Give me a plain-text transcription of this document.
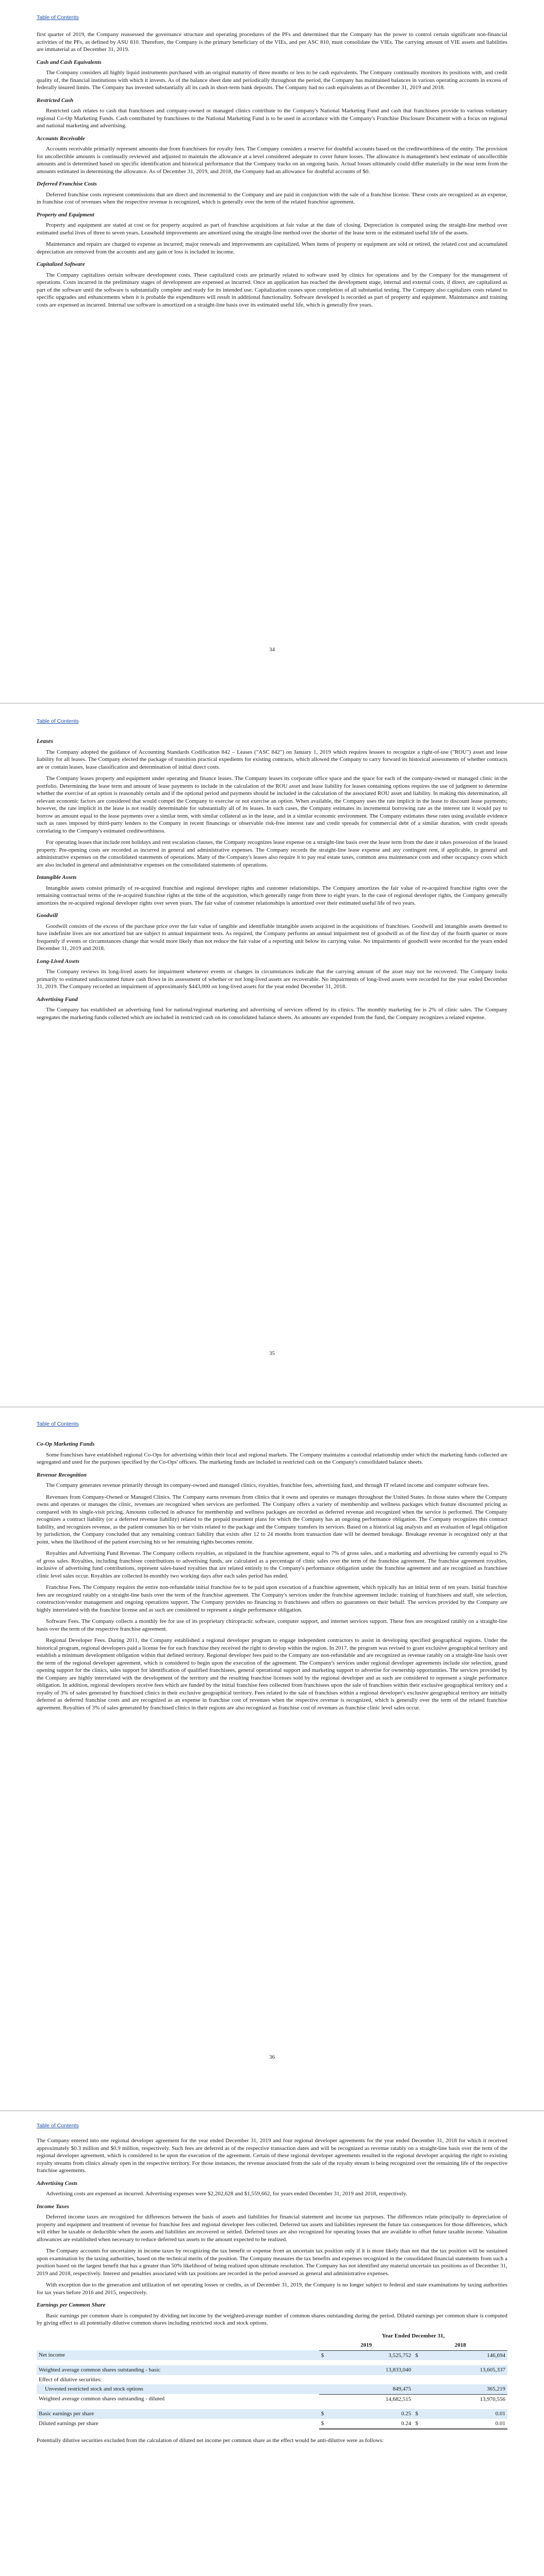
Table of Contents

first quarter of 2019, the Company reassessed the governance structure and operating procedures of the PFs and determined that the Company has the power to control certain significant non-financial activities of the PFs, as defined by ASU 810. Therefore, the Company is the primary beneficiary of the VIEs, and per ASC 810, must consolidate the VIEs. The carrying amount of VIE assets and liabilities are immaterial as of December 31, 2019.

Cash and Cash Equivalents

The Company considers all highly liquid instruments purchased with an original maturity of three months or less to be cash equivalents. The Company continually monitors its positions with, and credit quality of, the financial institutions with which it invests. As of the balance sheet date and periodically throughout the period, the Company has maintained balances in various operating accounts in excess of federally insured limits. The Company has invested substantially all its cash in short-term bank deposits. The Company had no cash equivalents as of December 31, 2019 and 2018.

Restricted Cash

Restricted cash relates to cash that franchisees and company-owned or managed clinics contribute to the Company's National Marketing Fund and cash that franchisees provide to various voluntary regional Co-Op Marketing Funds. Cash contributed by franchisees to the National Marketing Fund is to be used in accordance with the Company's Franchise Disclosure Document with a focus on regional and national marketing and advertising.

Accounts Receivable

Accounts receivable primarily represent amounts due from franchisees for royalty fees. The Company considers a reserve for doubtful accounts based on the creditworthiness of the entity. The provision for uncollectible amounts is continually reviewed and adjusted to maintain the allowance at a level considered adequate to cover future losses. The allowance is management's best estimate of uncollectible amounts and is determined based on specific identification and historical performance that the Company tracks on an ongoing basis. Actual losses ultimately could differ materially in the near term from the amounts estimated in determining the allowance. As of December 31, 2019, and 2018, the Company had an allowance for doubtful accounts of $0.

Deferred Franchise Costs

Deferred franchise costs represent commissions that are direct and incremental to the Company and are paid in conjunction with the sale of a franchise license. These costs are recognized as an expense, in franchise cost of revenues when the respective revenue is recognized, which is generally over the term of the related franchise agreement.

Property and Equipment

Property and equipment are stated at cost or for property acquired as part of franchise acquisitions at fair value at the date of closing. Depreciation is computed using the straight-line method over estimated useful lives of three to seven years. Leasehold improvements are amortized using the straight-line method over the shorter of the lease term or the estimated useful life of the assets.

Maintenance and repairs are charged to expense as incurred; major renewals and improvements are capitalized. When items of property or equipment are sold or retired, the related cost and accumulated depreciation are removed from the accounts and any gain or loss is included in income.

Capitalized Software

The Company capitalizes certain software development costs. These capitalized costs are primarily related to software used by clinics for operations and by the Company for the management of operations. Costs incurred in the preliminary stages of development are expensed as incurred. Once an application has reached the development stage, internal and external costs, if direct, are capitalized as part of the software until the software is substantially complete and ready for its intended use. Capitalization ceases upon completion of all substantial testing. The Company also capitalizes costs related to specific upgrades and enhancements when it is probable the expenditures will result in additional functionality. Software developed is recorded as part of property and equipment. Maintenance and training costs are expensed as incurred. Internal use software is amortized on a straight-line basis over its estimated useful life, which is generally five years.

34
Table of Contents
Leases

The Company adopted the guidance of Accounting Standards Codification 842 – Leases ("ASC 842") on January 1, 2019 which requires lessees to recognize a right-of-use ("ROU") asset and lease liability for all leases. The Company elected the package of transition practical expedients for existing contracts, which allowed the Company to carry forward its historical assessments of whether contracts are or contain leases, lease classification and determination of initial direct costs.

The Company leases property and equipment under operating and finance leases. The Company leases its corporate office space and the space for each of the company-owned or managed clinic in the portfolio. Determining the lease term and amount of lease payments to include in the calculation of the ROU asset and lease liability for leases containing options requires the use of judgment to determine whether the exercise of an option is reasonably certain and if the optional period and payments should be included in the calculation of the associated ROU asset and liability. In making this determination, all relevant economic factors are considered that would compel the Company to exercise or not exercise an option. When available, the Company uses the rate implicit in the lease to discount lease payments; however, the rate implicit in the lease is not readily determinable for substantially all of its leases. In such cases, the Company estimates its incremental borrowing rate as the interest rate it would pay to borrow an amount equal to the lease payments over a similar term, with similar collateral as in the lease, and in a similar economic environment. The Company estimates these rates using available evidence such as rates imposed by third-party lenders to the Company in recent financings or observable risk-free interest rate and credit spreads for commercial debt of a similar duration, with credit spreads correlating to the Company's estimated creditworthiness.

For operating leases that include rent holidays and rent escalation clauses, the Company recognizes lease expense on a straight-line basis over the lease term from the date it takes possession of the leased property. Pre-opening costs are recorded as incurred in general and administrative expenses. The Company records the straight-line lease expense and any contingent rent, if applicable, in general and administrative expenses on the consolidated statements of operations. Many of the Company's leases also require it to pay real estate taxes, common area maintenance costs and other occupancy costs which are also included in general and administrative expenses on the consolidated statements of operations.

Intangible Assets

Intangible assets consist primarily of re-acquired franchise and regional developer rights and customer relationships. The Company amortizes the fair value of re-acquired franchise rights over the remaining contractual terms of the re-acquired franchise rights at the time of the acquisition, which generally range from three to eight years. In the case of regional developer rights, the Company generally amortizes the re-acquired regional developer rights over seven years. The fair value of customer relationships is amortized over their estimated useful life of two years.

Goodwill

Goodwill consists of the excess of the purchase price over the fair value of tangible and identifiable intangible assets acquired in the acquisitions of franchises. Goodwill and intangible assets deemed to have indefinite lives are not amortized but are subject to annual impairment tests. As required, the Company performs an annual impairment test of goodwill as of the first day of the fourth quarter or more frequently if events or circumstances change that would more likely than not reduce the fair value of a reporting unit below its carrying value. No impairments of goodwill were recorded for the years ended December 31, 2019 and 2018.

Long-Lived Assets

The Company reviews its long-lived assets for impairment whenever events or changes in circumstances indicate that the carrying amount of the asset may not be recovered. The Company looks primarily to estimated undiscounted future cash flows in its assessment of whether or not long-lived assets are recoverable. No impairments of long-lived assets were recorded for the year ended December 31, 2019. The Company recorded an impairment of approximately $443,000 on long-lived assets for the year ended December 31, 2018.

Advertising Fund

The Company has established an advertising fund for national/regional marketing and advertising of services offered by its clinics. The monthly marketing fee is 2% of clinic sales. The Company segregates the marketing funds collected which are included in restricted cash on its consolidated balance sheets. As amounts are expended from the fund, the Company recognizes a related expense.

35
Table of Contents
Co-Op Marketing Funds

Some franchises have established regional Co-Ops for advertising within their local and regional markets. The Company maintains a custodial relationship under which the marketing funds collected are segregated and used for the purposes specified by the Co-Ops' officers. The marketing funds are included in restricted cash on the Company's consolidated balance sheets.

Revenue Recognition

The Company generates revenue primarily through its company-owned and managed clinics, royalties, franchise fees, advertising fund, and through IT related income and computer software fees.

Revenues from Company-Owned or Managed Clinics. The Company earns revenues from clinics that it owns and operates or manages throughout the United States. In those states where the Company owns and operates or manages the clinic, revenues are recognized when services are performed. The Company offers a variety of membership and wellness packages which feature discounted pricing as compared with its single-visit pricing. Amounts collected in advance for membership and wellness packages are recorded as deferred revenue and recognized when the service is performed. The Company recognizes a contract liability (or a deferred revenue liability) related to the prepaid treatment plans for which the Company has an ongoing performance obligation. The Company recognizes this contract liability, and recognizes revenue, as the patient consumes his or her visits related to the package and the Company transfers its services. Based on a historical lag analysis and an evaluation of legal obligation by jurisdiction, the Company concluded that any remaining contract liability that exists after 12 to 24 months from transaction date will be deemed breakage. Breakage revenue is recognized only at that point, when the likelihood of the patient exercising his or her remaining rights becomes remote.

Royalties and Advertising Fund Revenue. The Company collects royalties, as stipulated in the franchise agreement, equal to 7% of gross sales, and a marketing and advertising fee currently equal to 2% of gross sales. Royalties, including franchisee contributions to advertising funds, are calculated as a percentage of clinic sales over the term of the franchise agreement. The franchise agreement royalties, inclusive of advertising fund contributions, represent sales-based royalties that are related entirely to the Company's performance obligation under the franchise agreement and are recognized as franchisee clinic level sales occur. Royalties are collected bi-monthly two working days after each sales period has ended.

Franchise Fees. The Company requires the entire non-refundable initial franchise fee to be paid upon execution of a franchise agreement, which typically has an initial term of ten years. Initial franchise fees are recognized ratably on a straight-line basis over the term of the franchise agreement. The Company's services under the franchise agreement include: training of franchisees and staff, site selection, construction/vendor management and ongoing operations support. The Company provides no financing to franchisees and offers no guarantees on their behalf. The services provided by the Company are highly interrelated with the franchise license and as such are considered to represent a single performance obligation.

Software Fees. The Company collects a monthly fee for use of its proprietary chiropractic software, computer support, and internet services support. These fees are recognized ratably on a straight-line basis over the term of the respective franchise agreement.

Regional Developer Fees. During 2011, the Company established a regional developer program to engage independent contractors to assist in developing specified geographical regions. Under the historical program, regional developers paid a license fee for each franchise they received the right to develop within the region. In 2017, the program was revised to grant exclusive geographical territory and establish a minimum development obligation within that defined territory. Regional developer fees paid to the Company are non-refundable and are recognized as revenue ratably on a straight-line basis over the term of the regional developer agreement, which is considered to begin upon the execution of the agreement. The Company's services under regional developer agreements include site selection, grand opening support for the clinics, sales support for identification of qualified franchisees, general operational support and marketing support to advertise for ownership opportunities. The services provided by the Company are highly interrelated with the development of the territory and the resulting franchise licenses sold by the regional developer and as such are considered to represent a single performance obligation. In addition, regional developers receive fees which are funded by the initial franchise fees collected from franchisees upon the sale of franchises within their exclusive geographical territory and a royalty of 3% of sales generated by franchised clinics in their exclusive geographical territory. Fees related to the sale of franchises within a regional developer's exclusive geographical territory are initially deferred as deferred franchise costs and are recognized as an expense in franchise cost of revenues when the respective revenue is recognized, which is generally over the term of the related franchise agreement. Royalties of 3% of sales generated by franchised clinics in their regions are also recognized as franchise cost of revenues as franchise clinic level sales occur.

36
Table of Contents

The Company entered into one regional developer agreement for the year ended December 31, 2019 and four regional developer agreements for the year ended December 31, 2018 for which it received approximately $0.3 million and $0.9 million, respectively. Such fees are deferred as of the respective transaction dates and will be recognized as revenue ratably on a straight-line basis over the term of the regional developer agreement, which is considered to be upon the execution of the agreement. Certain of these regional developer agreements resulted in the regional developer acquiring the right to existing royalty streams from clinics already open in the respective territory. For those instances, the revenue associated from the sale of the royalty stream is being recognized over the remaining life of the respective franchise agreements.

Advertising Costs

Advertising costs are expensed as incurred. Advertising expenses were $2,202,628 and $1,559,662, for years ended December 31, 2019 and 2018, respectively.

Income Taxes

Deferred income taxes are recognized for differences between the basis of assets and liabilities for financial statement and income tax purposes. The differences relate principally to depreciation of property and equipment and treatment of revenue for franchise fees and regional developer fees collected. Deferred tax assets and liabilities represent the future tax consequences for those differences, which will either be taxable or deductible when the assets and liabilities are recovered or settled. Deferred taxes are also recognized for operating losses that are available to offset future taxable income. Valuation allowances are established when necessary to reduce deferred tax assets to the amount expected to be realized.

The Company accounts for uncertainty in income taxes by recognizing the tax benefit or expense from an uncertain tax position only if it is more likely than not that the tax position will be sustained upon examination by the taxing authorities, based on the technical merits of the position. The Company measures the tax benefits and expenses recognized in the consolidated financial statements from such a position based on the largest benefit that has a greater than 50% likelihood of being realized upon ultimate resolution. The Company has not identified any material uncertain tax positions as of December 31, 2019 and 2018, respectively. Interest and penalties associated with tax positions are recorded in the period assessed as general and administrative expenses.

With exception due to the generation and utilization of net operating losses or credits, as of December 31, 2019, the Company is no longer subject to federal and state examinations by taxing authorities for tax years before 2016 and 2015, respectively.

Earnings per Common Share

Basic earnings per common share is computed by dividing net income by the weighted-average number of common shares outstanding during the period. Diluted earnings per common share is computed by giving effect to all potentially dilutive common shares including restricted stock and stock options.

	Year Ended December 31,			
	2019		2018	
Net income	$	3,525,752	$	146,694

Weighted average common shares outstanding - basic		13,833,040		13,605,337
Effect of dilutive securities:				
Unvested restricted stock and stock options		849,475		365,219
Weighted average common shares outstanding - diluted		14,682,515		13,970,556

Basic earnings per share	$	0.25	$	0.01
Diluted earnings per share	$	0.24	$	0.01

Potentially dilutive securities excluded from the calculation of diluted net income per common share as the effect would be anti-dilutive were as follows:
